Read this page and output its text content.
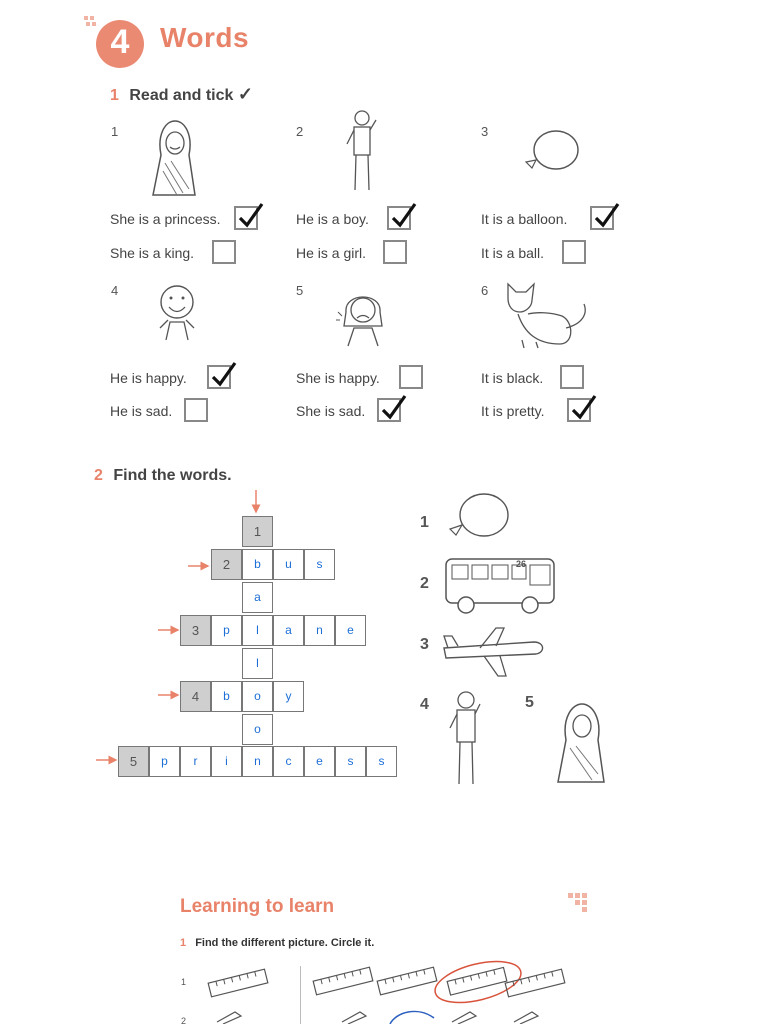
4 Words
1 Read and tick ✓
1	2	3
4	5	6
She is a princess.
She is a king.
He is a boy.
He is a girl.
It is a balloon.
It is a ball.
He is happy.
He is sad.
She is happy.
She is sad.
It is black.
It is pretty.
2 Find the words.
1
2	b	u	s
a
3	p	l	a	n	e
l
4	b	o	y
o
5	p	r	i	n	c	e	s	s
1
2
26
3
4	5
Learning to learn
1 Find the different picture. Circle it.
1
2
